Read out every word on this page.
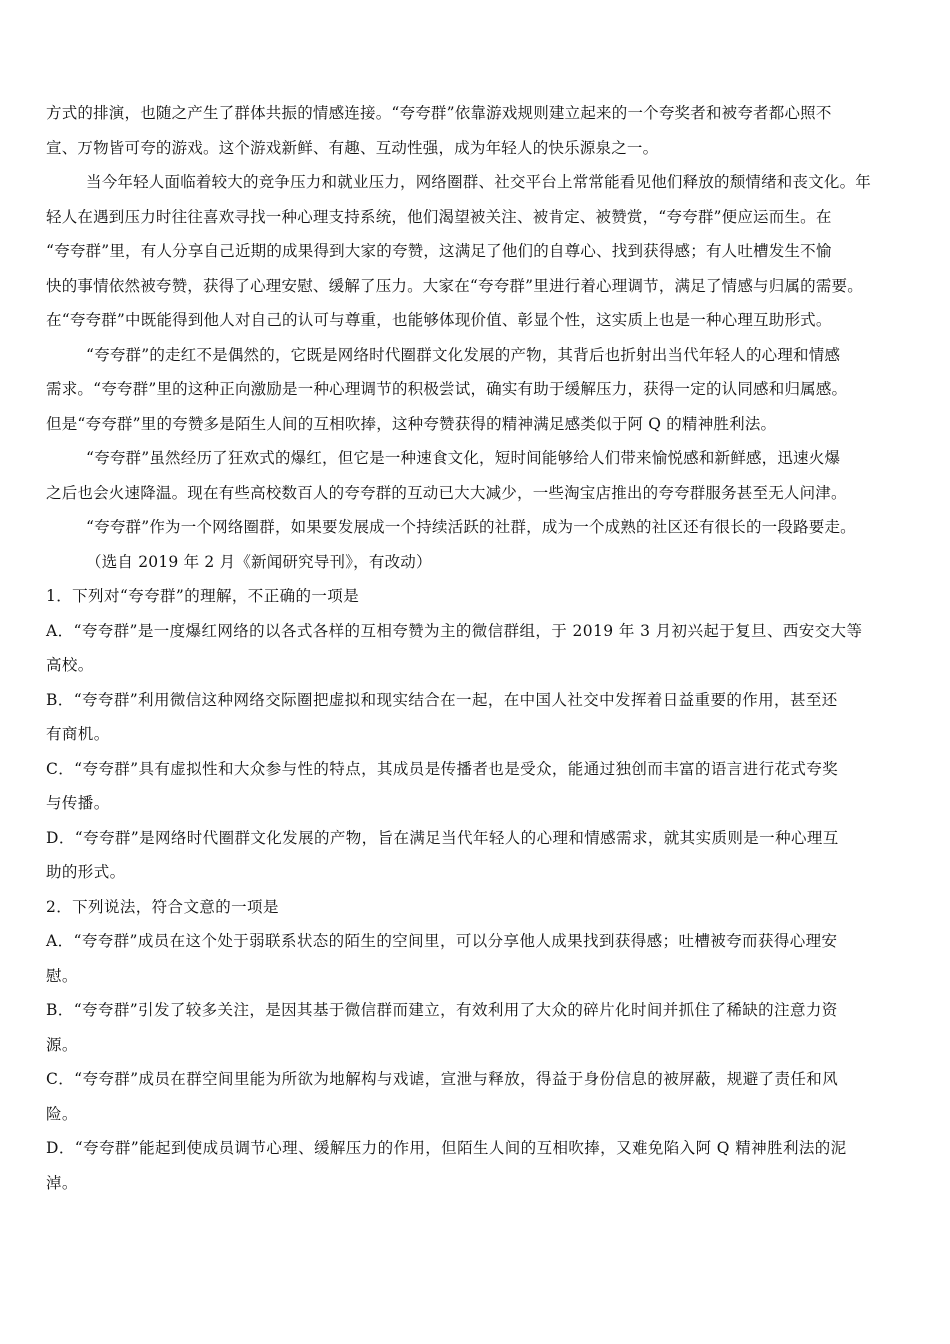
方式的排演，也随之产生了群体共振的情感连接。“夸夸群”依靠游戏规则建立起来的一个夸奖者和被夸者都心照不
宣、万物皆可夸的游戏。这个游戏新鲜、有趣、互动性强，成为年轻人的快乐源泉之一。
当今年轻人面临着较大的竞争压力和就业压力，网络圈群、社交平台上常常能看见他们释放的颓情绪和丧文化。年
轻人在遇到压力时往往喜欢寻找一种心理支持系统，他们渴望被关注、被肯定、被赞赏，“夸夸群”便应运而生。在
“夸夸群”里，有人分享自己近期的成果得到大家的夸赞，这满足了他们的自尊心、找到获得感；有人吐槽发生不愉
快的事情依然被夸赞，获得了心理安慰、缓解了压力。大家在“夸夸群”里进行着心理调节，满足了情感与归属的需要。
在“夸夸群”中既能得到他人对自己的认可与尊重，也能够体现价值、彰显个性，这实质上也是一种心理互助形式。
“夸夸群”的走红不是偶然的，它既是网络时代圈群文化发展的产物，其背后也折射出当代年轻人的心理和情感
需求。“夸夸群”里的这种正向激励是一种心理调节的积极尝试，确实有助于缓解压力，获得一定的认同感和归属感。
但是“夸夸群”里的夸赞多是陌生人间的互相吹捧，这种夸赞获得的精神满足感类似于阿 Q 的精神胜利法。
“夸夸群”虽然经历了狂欢式的爆红，但它是一种速食文化，短时间能够给人们带来愉悦感和新鲜感，迅速火爆
之后也会火速降温。现在有些高校数百人的夸夸群的互动已大大减少，一些淘宝店推出的夸夸群服务甚至无人问津。
“夸夸群”作为一个网络圈群，如果要发展成一个持续活跃的社群，成为一个成熟的社区还有很长的一段路要走。
（选自 2019 年 2 月《新闻研究导刊》，有改动）
1．下列对“夸夸群”的理解，不正确的一项是
A．“夸夸群”是一度爆红网络的以各式各样的互相夸赞为主的微信群组，于 2019 年 3 月初兴起于复旦、西安交大等
高校。
B．“夸夸群”利用微信这种网络交际圈把虚拟和现实结合在一起，在中国人社交中发挥着日益重要的作用，甚至还
有商机。
C．“夸夸群”具有虚拟性和大众参与性的特点，其成员是传播者也是受众，能通过独创而丰富的语言进行花式夸奖
与传播。
D．“夸夸群”是网络时代圈群文化发展的产物，旨在满足当代年轻人的心理和情感需求，就其实质则是一种心理互
助的形式。
2．下列说法，符合文意的一项是
A．“夸夸群”成员在这个处于弱联系状态的陌生的空间里，可以分享他人成果找到获得感；吐槽被夸而获得心理安
慰。
B．“夸夸群”引发了较多关注，是因其基于微信群而建立，有效利用了大众的碎片化时间并抓住了稀缺的注意力资
源。
C．“夸夸群”成员在群空间里能为所欲为地解构与戏谑，宣泄与释放，得益于身份信息的被屏蔽，规避了责任和风
险。
D．“夸夸群”能起到使成员调节心理、缓解压力的作用，但陌生人间的互相吹捧，又难免陷入阿 Q 精神胜利法的泥
淖。
